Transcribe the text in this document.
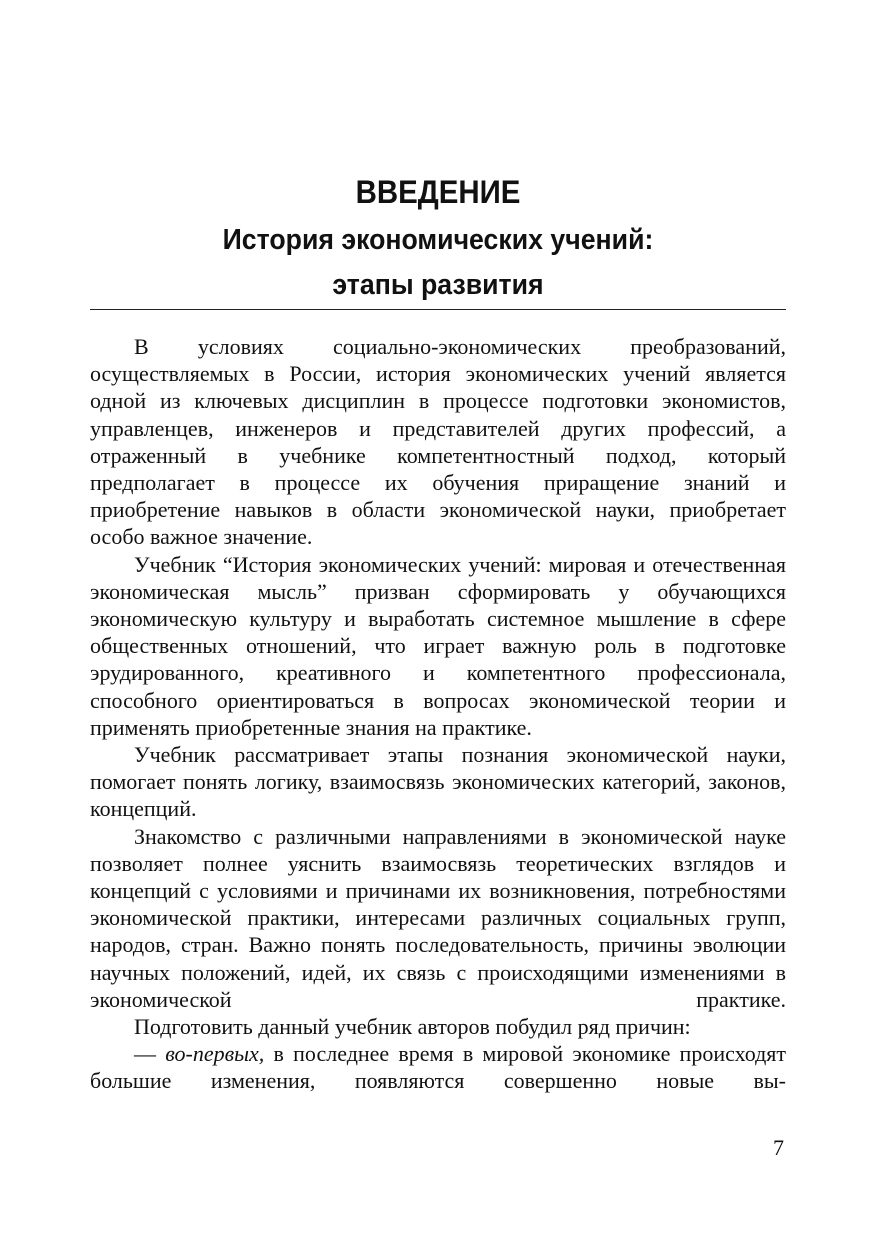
ВВЕДЕНИЕ
История экономических учений:
этапы развития

В условиях социально-экономических преобразований, осуществляемых в России, история экономических учений является одной из ключевых дисциплин в процессе подготовки экономистов, управленцев, инженеров и представителей других профессий, а отраженный в учебнике компетентностный подход, который предполагает в процессе их обучения приращение знаний и приобретение навыков в области экономической науки, приобретает особо важное значение.

Учебник “История экономических учений: мировая и отечественная экономическая мысль” призван сформировать у обучающихся экономическую культуру и выработать системное мышление в сфере общественных отношений, что играет важную роль в подготовке эрудированного, креативного и компетентного профессионала, способного ориентироваться в вопросах экономической теории и применять приобретенные знания на практике.

Учебник рассматривает этапы познания экономической науки, помогает понять логику, взаимосвязь экономических категорий, законов, концепций.

Знакомство с различными направлениями в экономической науке позволяет полнее уяснить взаимосвязь теоретических взглядов и концепций с условиями и причинами их возникновения, потребностями экономической практики, интересами различных социальных групп, народов, стран. Важно понять последовательность, причины эволюции научных положений, идей, их связь с происходящими изменениями в экономической практике.

Подготовить данный учебник авторов побудил ряд причин:

— во-первых, в последнее время в мировой экономике происходят большие изменения, появляются совершенно новые вы-

7
